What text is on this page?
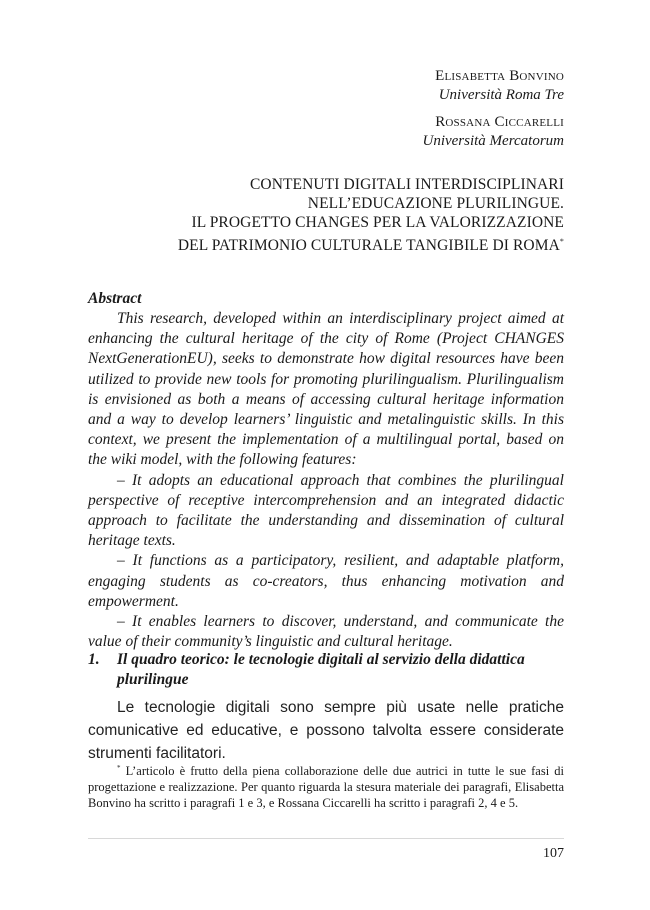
Elisabetta Bonvino
Università Roma Tre
Rossana Ciccarelli
Università Mercatorum
CONTENUTI DIGITALI INTERDISCIPLINARI
NELL’EDUCAZIONE PLURILINGUE.
IL PROGETTO CHANGES PER LA VALORIZZAZIONE
DEL PATRIMONIO CULTURALE TANGIBILE DI ROMA*
Abstract

This research, developed within an interdisciplinary project aimed at enhancing the cultural heritage of the city of Rome (Project CHANGES NextGenerationEU), seeks to demonstrate how digital resources have been utilized to provide new tools for promoting plurilingualism. Plurilingualism is envisioned as both a means of accessing cultural heritage information and a way to develop learners’ linguistic and metalinguistic skills. In this context, we present the implementation of a multilingual portal, based on the wiki model, with the following features:

– It adopts an educational approach that combines the plurilingual perspective of receptive intercomprehension and an integrated didactic approach to facilitate the understanding and dissemination of cultural heritage texts.

– It functions as a participatory, resilient, and adaptable platform, engaging students as co-creators, thus enhancing motivation and empowerment.

– It enables learners to discover, understand, and communicate the value of their community’s linguistic and cultural heritage.

1.	Il quadro teorico: le tecnologie digitali al servizio della didattica plurilingue

Le tecnologie digitali sono sempre più usate nelle pratiche comunicative ed educative, e possono talvolta essere considerate strumenti facilitatori.

* L’articolo è frutto della piena collaborazione delle due autrici in tutte le sue fasi di progettazione e realizzazione. Per quanto riguarda la stesura materiale dei paragrafi, Elisabetta Bonvino ha scritto i paragrafi 1 e 3, e Rossana Ciccarelli ha scritto i paragrafi 2, 4 e 5.
107
